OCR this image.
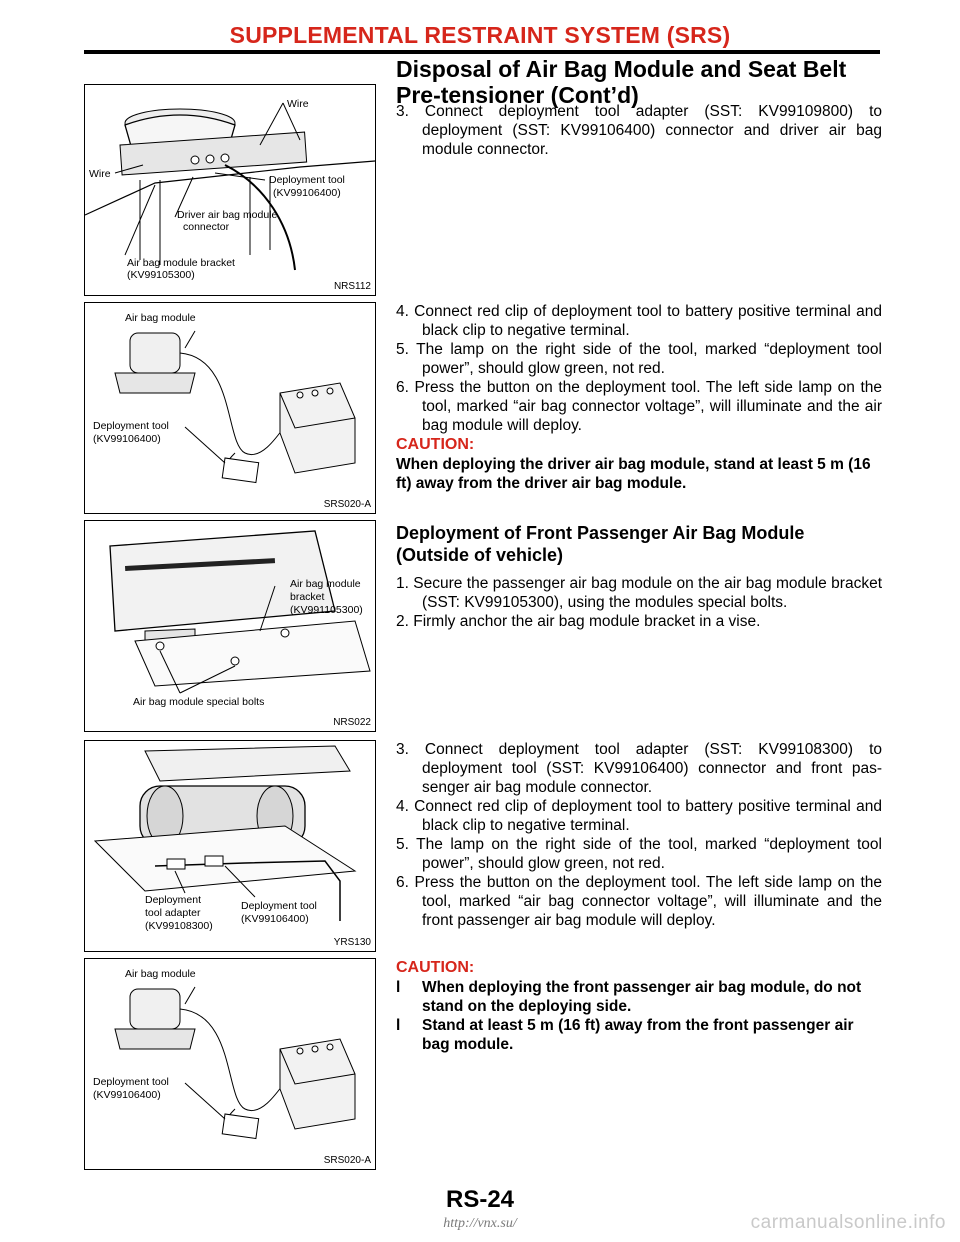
SUPPLEMENTAL RESTRAINT SYSTEM (SRS)
Disposal of Air Bag Module and Seat Belt Pre-tensioner (Cont’d)
Wire
Wire	Deployment tool
(KV99106400)
Driver air bag module
connector
Air bag module bracket
(KV99105300)
NRS112
Air bag module
Deployment tool
(KV99106400)
SRS020-A
Air bag module
bracket
(KV991105300)
Air bag module special bolts
NRS022
Deployment
tool adapter
(KV99108300)
Deployment tool
(KV99106400)
YRS130
Air bag module
Deployment tool
(KV99106400)
SRS020-A
3. Connect deployment tool adapter (SST: KV99109800) to deployment (SST: KV99106400) connector and driver air bag module connector.
4. Connect red clip of deployment tool to battery positive terminal and black clip to negative terminal.
5. The lamp on the right side of the tool, marked “deployment tool power”, should glow green, not red.
6. Press the button on the deployment tool. The left side lamp on the tool, marked “air bag connector voltage”, will illuminate and the air bag module will deploy.
CAUTION:
When deploying the driver air bag module, stand at least 5 m (16 ft) away from the driver air bag module.
Deployment of Front Passenger Air Bag Module (Outside of vehicle)
1. Secure the passenger air bag module on the air bag module bracket (SST: KV99105300), using the modules special bolts.
2. Firmly anchor the air bag module bracket in a vise.
3. Connect deployment tool adapter (SST: KV99108300) to deployment tool (SST: KV99106400) connector and front pas-senger air bag module connector.
4. Connect red clip of deployment tool to battery positive terminal and black clip to negative terminal.
5. The lamp on the right side of the tool, marked “deployment tool power”, should glow green, not red.
6. Press the button on the deployment tool. The left side lamp on the tool, marked “air bag connector voltage”, will illuminate and the front passenger air bag module will deploy.
CAUTION:
l When deploying the front passenger air bag module, do not stand on the deploying side.
l Stand at least 5 m (16 ft) away from the front passenger air bag module.
RS-24
http://vnx.su/	carmanualsonline.info
